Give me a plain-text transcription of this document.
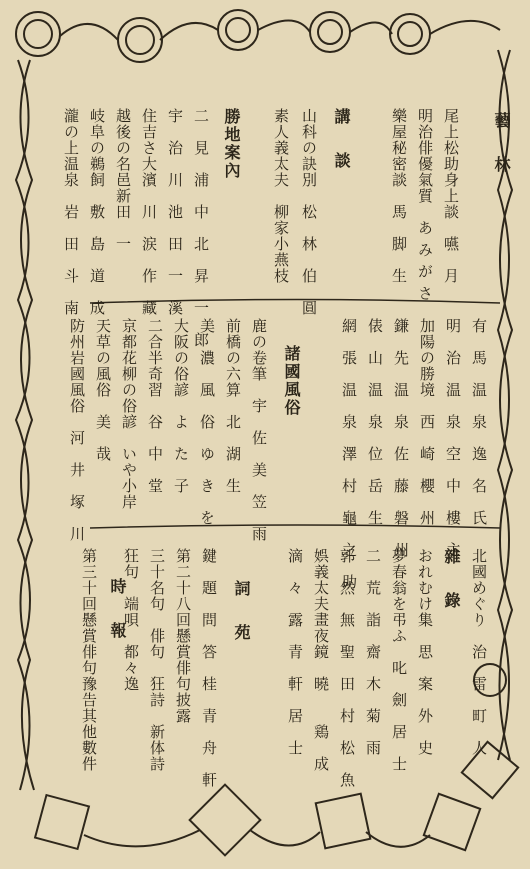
藝　林
尾上松助身上談　嚥　月
明治俳優氣質　あ み が さ
樂屋秘密談　馬　脚　生
講　談
山科の訣別　松　林　伯　圓
素人義太夫　柳家小燕枝
勝地案內
二　見　浦　中　北　昇　一　郎
宇　治　川　池　田　一　溪
住吉さ大濱　川　涙　作　藏
越後の名邑新田　一
岐阜の鵜飼　敷　島　道　成
瀧の上温泉　岩　田　斗　南
有　馬　温　泉　逸　名　氏
明　治　温　泉　空　中　樓　主
加陽の勝境　西　崎　櫻　州
鎌　先　温　泉　佐　藤　磐　州
俵　山　温　泉　位　岳　生
網　張　温　泉　澤　村　龜　之　助
諸國風俗
鹿の卷筆　宇　佐　美　笠　雨
前橋の六算　北　湖　生
美　濃　風　俗　ゆ　き　を
大阪の俗諺　よ　た　子
二合半奇習　谷　中　堂
京都花柳の俗諺　いや小岸
天草の風俗　美　哉
防州岩國風俗　河　井　塚　川
雜　錄 北國めぐり　治　雷　町　人
おれむけ集　思　案　外　史
夢春翁を弔ふ　叱　劍　居　士
二　荒　詣　齋　木　菊　雨
郭　然　無　聖　田　村　松　魚
娯義太夫畫夜鏡　曉　　鶏　成
滴　々　露　青　軒　居　士
詞　苑
鍵　題　問　答　桂　青　舟　軒
第二十八回懸賞俳句披露
三十名句　俳句　狂詩　新体詩
狂句　端唄　都々逸
時　報
第三十回懸賞俳句豫告其他數件
